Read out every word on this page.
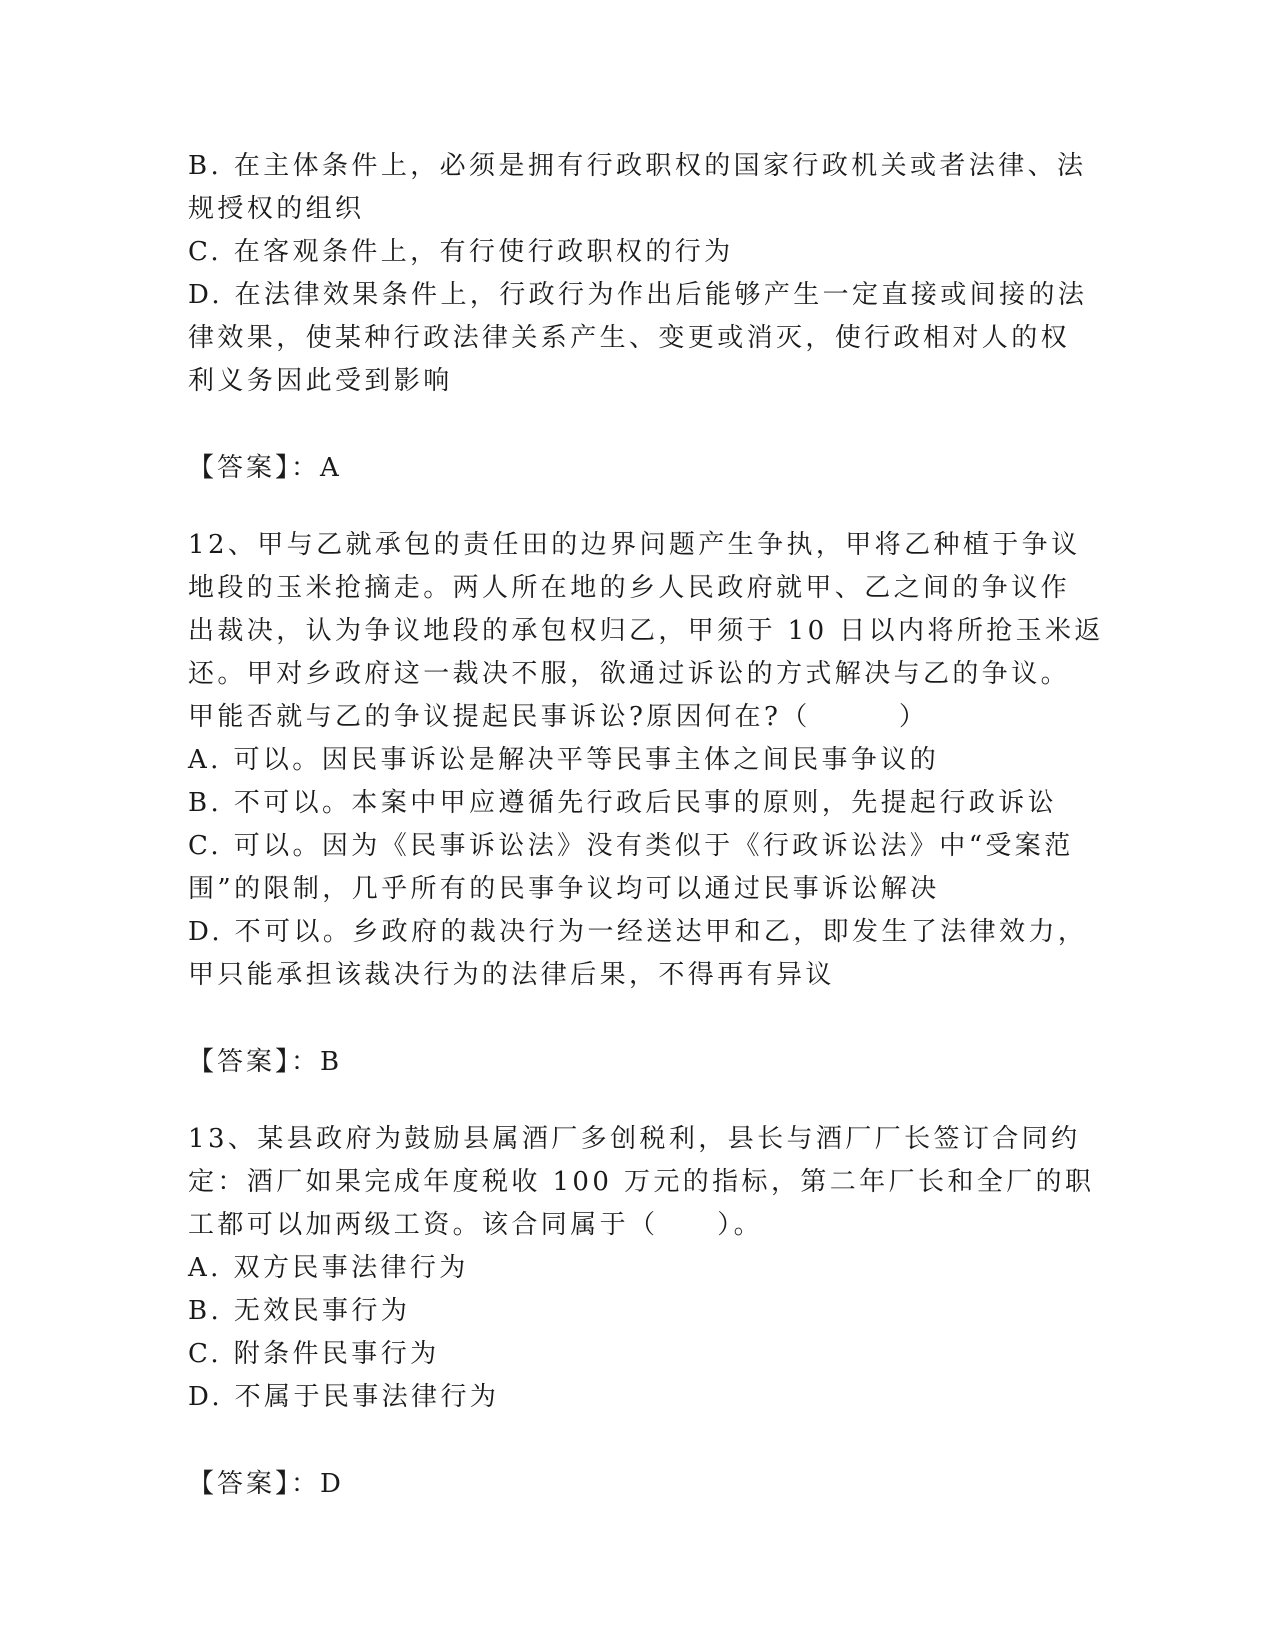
B. 在主体条件上，必须是拥有行政职权的国家行政机关或者法律、法
规授权的组织
C. 在客观条件上，有行使行政职权的行为
D. 在法律效果条件上，行政行为作出后能够产生一定直接或间接的法
律效果，使某种行政法律关系产生、变更或消灭，使行政相对人的权
利义务因此受到影响
【答案】：A
12、甲与乙就承包的责任田的边界问题产生争执，甲将乙种植于争议
地段的玉米抢摘走。两人所在地的乡人民政府就甲、乙之间的争议作
出裁决，认为争议地段的承包权归乙，甲须于 10 日以内将所抢玉米返
还。甲对乡政府这一裁决不服，欲通过诉讼的方式解决与乙的争议。
甲能否就与乙的争议提起民事诉讼?原因何在?（　　　）
A. 可以。因民事诉讼是解决平等民事主体之间民事争议的
B. 不可以。本案中甲应遵循先行政后民事的原则，先提起行政诉讼
C. 可以。因为《民事诉讼法》没有类似于《行政诉讼法》中“受案范
围”的限制，几乎所有的民事争议均可以通过民事诉讼解决
D. 不可以。乡政府的裁决行为一经送达甲和乙，即发生了法律效力，
甲只能承担该裁决行为的法律后果，不得再有异议
【答案】：B
13、某县政府为鼓励县属酒厂多创税利，县长与酒厂厂长签订合同约
定：酒厂如果完成年度税收 100 万元的指标，第二年厂长和全厂的职
工都可以加两级工资。该合同属于（　　）。
A. 双方民事法律行为
B. 无效民事行为
C. 附条件民事行为
D. 不属于民事法律行为
【答案】：D
